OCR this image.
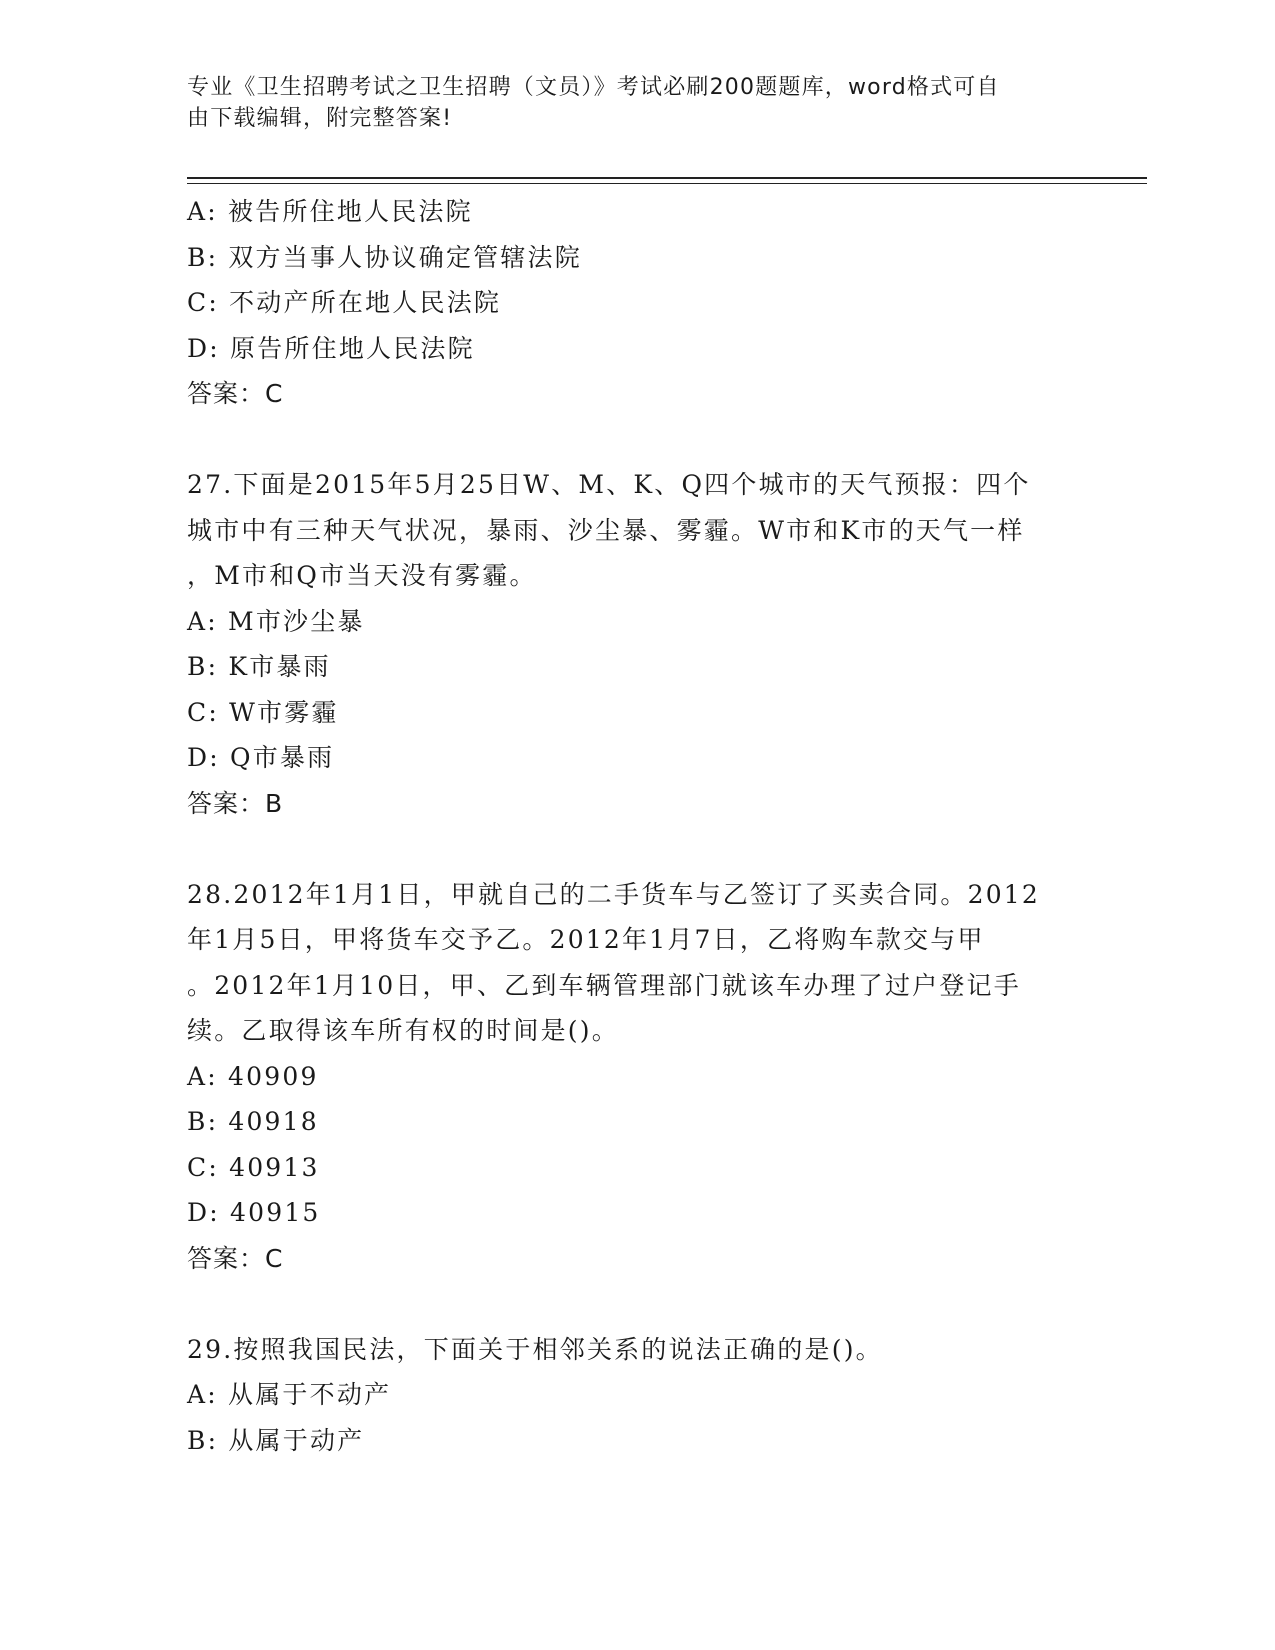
专业《卫生招聘考试之卫生招聘（文员）》考试必刷200题题库，word格式可自
由下载编辑，附完整答案!
A: 被告所住地人民法院
B: 双方当事人协议确定管辖法院
C: 不动产所在地人民法院
D: 原告所住地人民法院
答案：C
27.下面是2015年5月25日W、M、K、Q四个城市的天气预报：四个
城市中有三种天气状况，暴雨、沙尘暴、雾霾。W市和K市的天气一样
，M市和Q市当天没有雾霾。
A: M市沙尘暴
B: K市暴雨
C: W市雾霾
D: Q市暴雨
答案：B
28.2012年1月1日，甲就自己的二手货车与乙签订了买卖合同。2012
年1月5日，甲将货车交予乙。2012年1月7日，乙将购车款交与甲
。2012年1月10日，甲、乙到车辆管理部门就该车办理了过户登记手
续。乙取得该车所有权的时间是()。
A: 40909
B: 40918
C: 40913
D: 40915
答案：C
29.按照我国民法，下面关于相邻关系的说法正确的是()。
A: 从属于不动产
B: 从属于动产
